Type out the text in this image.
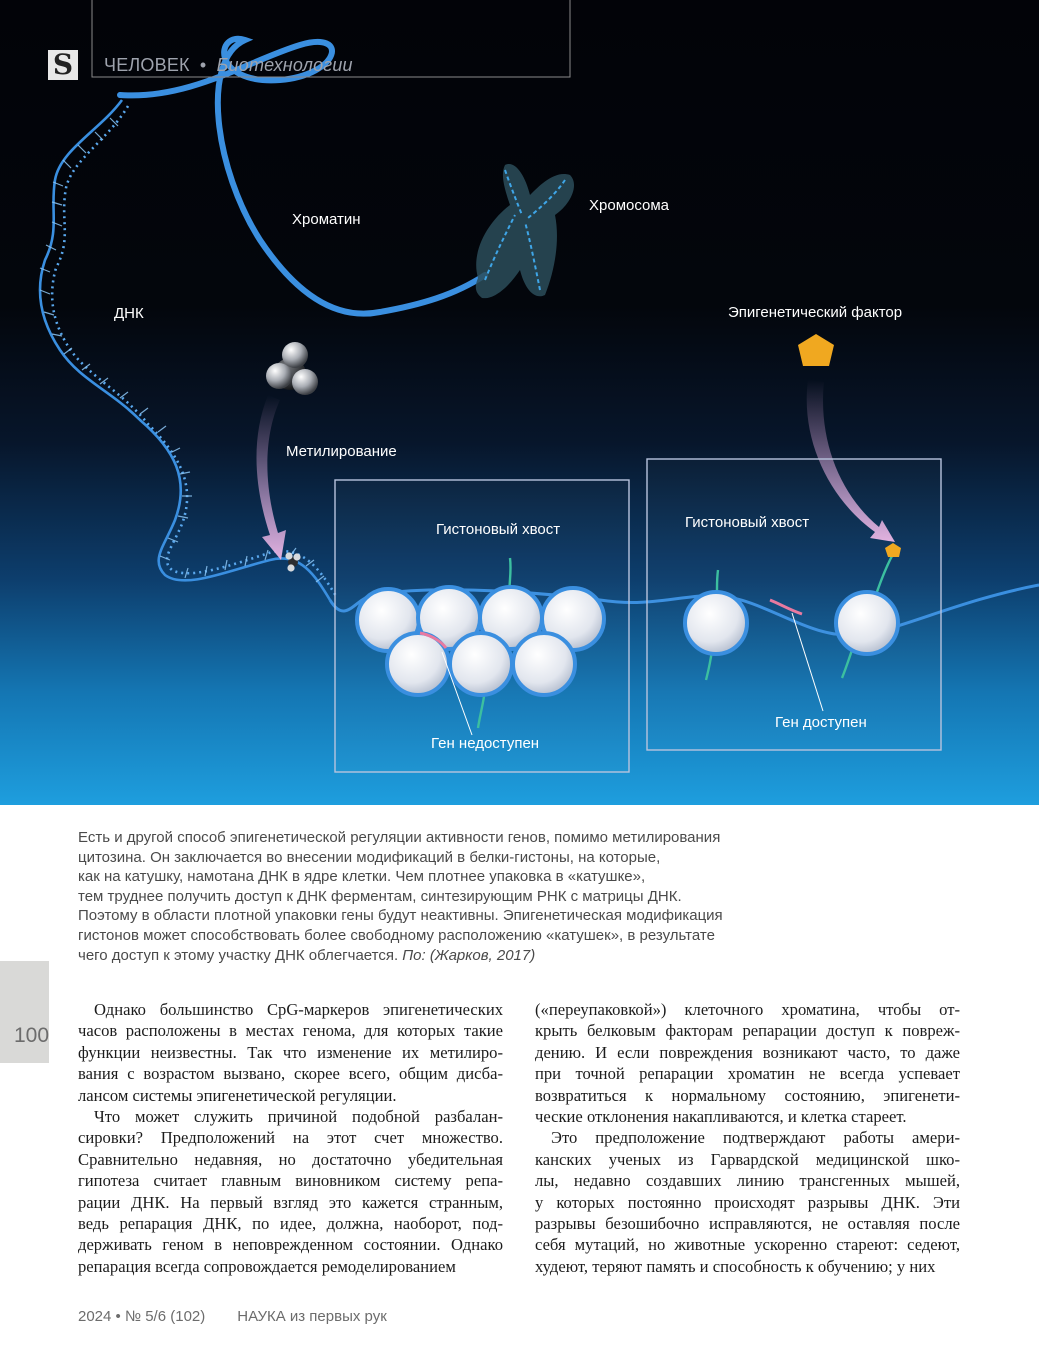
S ЧЕЛОВЕК • Биотехнологии
Хроматин
Хромосома
ДНК	Эпигенетический фактор
Метилирование
Гистоновый хвост	Гистоновый хвост
Ген недоступен
Ген доступен

Есть и другой способ эпигенетической регуляции активности генов, помимо метилирования

цитозина. Он заключается во внесении модификаций в белки-гистоны, на которые,

как на катушку, намотана ДНК в ядре клетки. Чем плотнее упаковка в «катушке»,

тем труднее получить доступ к ДНК ферментам, синтезирующим РНК с матрицы ДНК.

Поэтому в области плотной упаковки гены будут неактивны. Эпигенетическая модификация

гистонов может способствовать более свободному расположению «катушек», в результате

чего доступ к этому участку ДНК облегчается. По: (Жарков, 2017)

100

Однако большинство CpG-маркеров эпигенетических
часов расположены в местах генома, для которых такие
функции неизвестны. Так что изменение их метилиро-
вания с возрастом вызвано, скорее всего, общим дисба-
лансом системы эпигенетической регуляции.

Что может служить причиной подобной разбалан-
сировки? Предположений на этот счет множество.
Сравнительно недавняя, но достаточно убедительная
гипотеза считает главным виновником систему репа-
рации ДНК. На первый взгляд это кажется странным,
ведь репарация ДНК, по идее, должна, наоборот, под-
держивать геном в неповрежденном состоянии. Однако
репарация всегда сопровождается ремоделированием

(«переупаковкой») клеточного хроматина, чтобы от-
крыть белковым факторам репарации доступ к повреж-
дению. И если повреждения возникают часто, то даже
при точной репарации хроматин не всегда успевает
возвратиться к нормальному состоянию, эпигенети-
ческие отклонения накапливаются, и клетка стареет.

Это предположение подтверждают работы амери-
канских ученых из Гарвардской медицинской шко-
лы, недавно создавших линию трансгенных мышей,
у которых постоянно происходят разрывы ДНК. Эти
разрывы безошибочно исправляются, не оставляя после
себя мутаций, но животные ускоренно стареют: седеют,
худеют, теряют память и способность к обучению; у них

2024 • № 5/6 (102) НАУКА из первых рук
